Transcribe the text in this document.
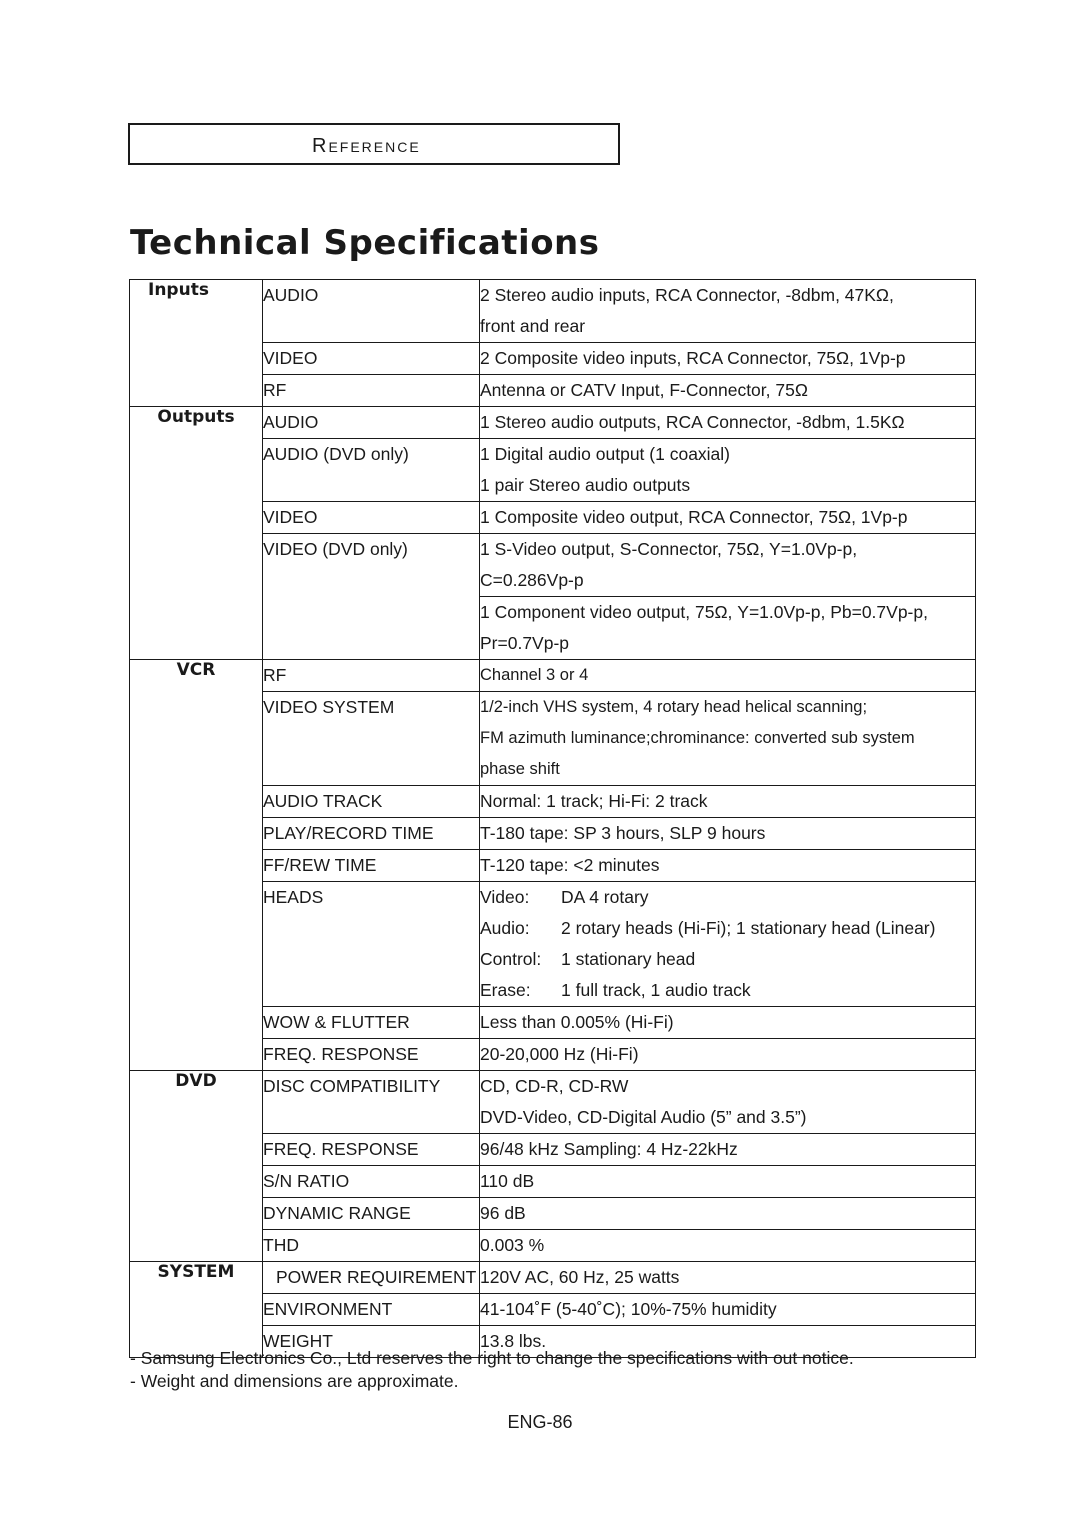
Reference
Technical Specifications
Inputs	AUDIO	2 Stereo audio inputs, RCA Connector, -8dbm, 47KΩ,
front and rear

	VIDEO	2 Composite video inputs, RCA Connector, 75Ω, 1Vp-p

	RF	Antenna or CATV Input, F-Connector, 75Ω

Outputs	AUDIO	1 Stereo audio outputs, RCA Connector, -8dbm, 1.5KΩ

	AUDIO (DVD only)	1 Digital audio output (1 coaxial)
1 pair Stereo audio outputs

	VIDEO	1 Composite video output, RCA Connector, 75Ω, 1Vp-p

	VIDEO (DVD only)	1 S-Video output, S-Connector, 75Ω, Y=1.0Vp-p,
C=0.286Vp-p

		1 Component video output, 75Ω, Y=1.0Vp-p, Pb=0.7Vp-p,
Pr=0.7Vp-p

VCR	RF	Channel 3 or 4

	VIDEO SYSTEM	1/2-inch VHS system, 4 rotary head helical scanning;
FM azimuth luminance;chrominance: converted sub system
phase shift

	AUDIO TRACK	Normal: 1 track; Hi-Fi: 2 track

	PLAY/RECORD TIME	T-180 tape: SP 3 hours, SLP 9 hours

	FF/REW TIME	T-120 tape: <2 minutes

	HEADS	Video: DA 4 rotary
Audio: 2 rotary heads (Hi-Fi); 1 stationary head (Linear)
Control: 1 stationary head
Erase: 1 full track, 1 audio track

	WOW & FLUTTER	Less than 0.005% (Hi-Fi)

	FREQ. RESPONSE	20-20,000 Hz (Hi-Fi)

DVD	DISC COMPATIBILITY	CD, CD-R, CD-RW
DVD-Video, CD-Digital Audio (5” and 3.5”)

	FREQ. RESPONSE	96/48 kHz Sampling: 4 Hz-22kHz

	S/N RATIO	110 dB

	DYNAMIC RANGE	96 dB

	THD	0.003 %

SYSTEM	POWER REQUIREMENT	120V AC, 60 Hz, 25 watts

	ENVIRONMENT	41-104˚F (5-40˚C); 10%-75% humidity

	WEIGHT	13.8 lbs.
- Samsung Electronics Co., Ltd reserves the right to change the specifications with out notice.
- Weight and dimensions are approximate.
ENG-86
